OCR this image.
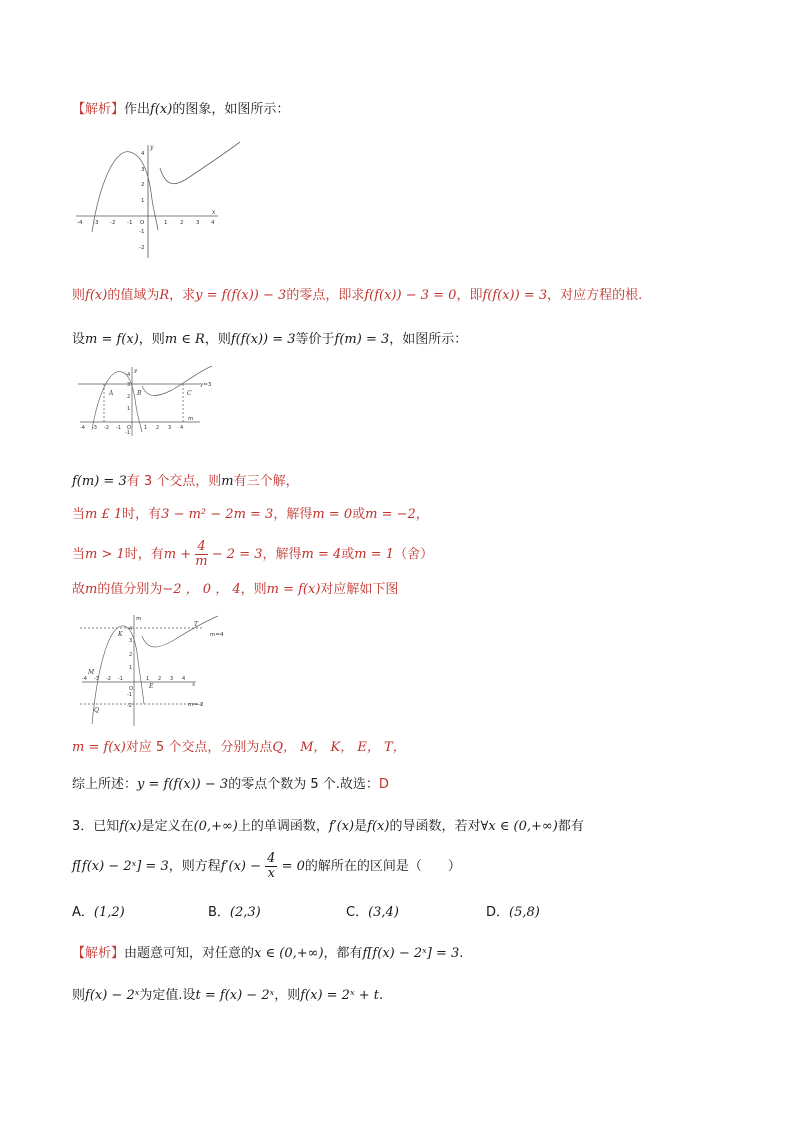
【解析】作出f(x)的图象，如图所示：
y
x
-4 -3 -2 -1 O	1 2 3 4
4
3
2
1
-1
-2
则f(x)的值域为R，求y = f(f(x)) − 3的零点，即求f(f(x)) − 3 = 0，即f(f(x)) = 3，对应方程的根.
设m = f(x)，则m ∈ R，则f(f(x)) = 3等价于f(m) = 3，如图所示：
y
m
y=3
A	B	C
-4 -3 -2 -1 O	1 2 3 4
4
3
2
1
-1
f(m) = 3有 3 个交点，则m有三个解，
当m £ 1时，有3 − m² − 2m = 3，解得m = 0或m = −2，
当m > 1时，有$m + \frac{4}{m} - 2 = 3$，解得m = 4或m = 1（舍）
故m的值分别为−2 ， 0 ， 4，则m = f(x)对应解如下图
m
x
m=4
m=-2
K
T
M
E
Q
-4 -3 -2 -1
O
1 2 3 4
4
3
2
1
-1
-2
m = f(x)对应 5 个交点，分别为点Q， M， K， E， T，
综上所述：y = f(f(x)) − 3的零点个数为 5 个.故选：D
3．已知f(x)是定义在(0,+∞)上的单调函数，f′(x)是f(x)的导函数，若对∀x ∈ (0,+∞)都有
f[f(x) − 2ˣ] = 3，则方程$f'(x) - \frac{4}{x} = 0$的解所在的区间是（　　）
A．(1,2)	B．(2,3)	C．(3,4)	D．(5,8)
【解析】由题意可知，对任意的x ∈ (0,+∞)，都有f[f(x) − 2ˣ] = 3.
则f(x) − 2ˣ为定值.设t = f(x) − 2ˣ，则f(x) = 2ˣ + t.
